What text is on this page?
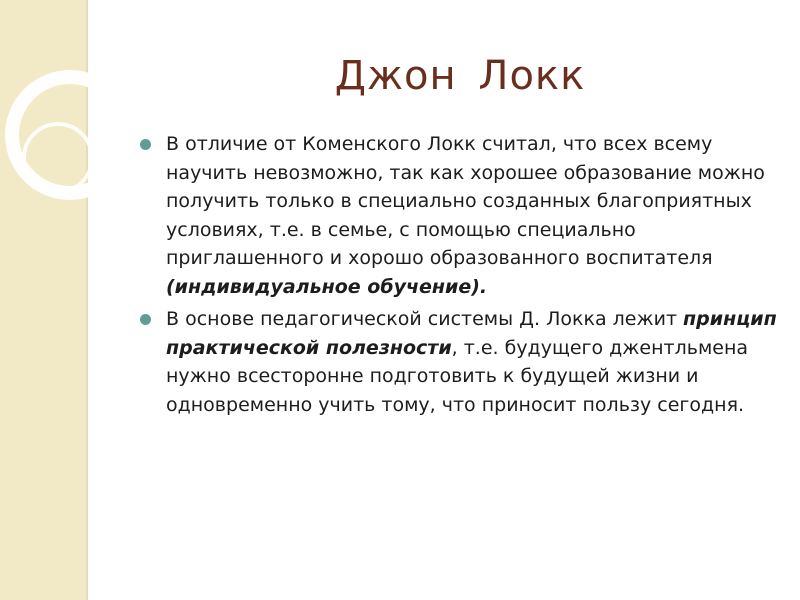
Джон Локк

В отличие от Коменского Локк считал, что всех всему научить невозможно, так как хорошее образование можно получить только в специально созданных благоприятных условиях, т.е. в семье, с помощью специально приглашенного и хорошо образованного воспитателя (индивидуальное обучение).

В основе педагогической системы Д. Локка лежит принцип практической полезности, т.е. будущего джентльмена нужно всесторонне подготовить к будущей жизни и одновременно учить тому, что приносит пользу сегодня.
